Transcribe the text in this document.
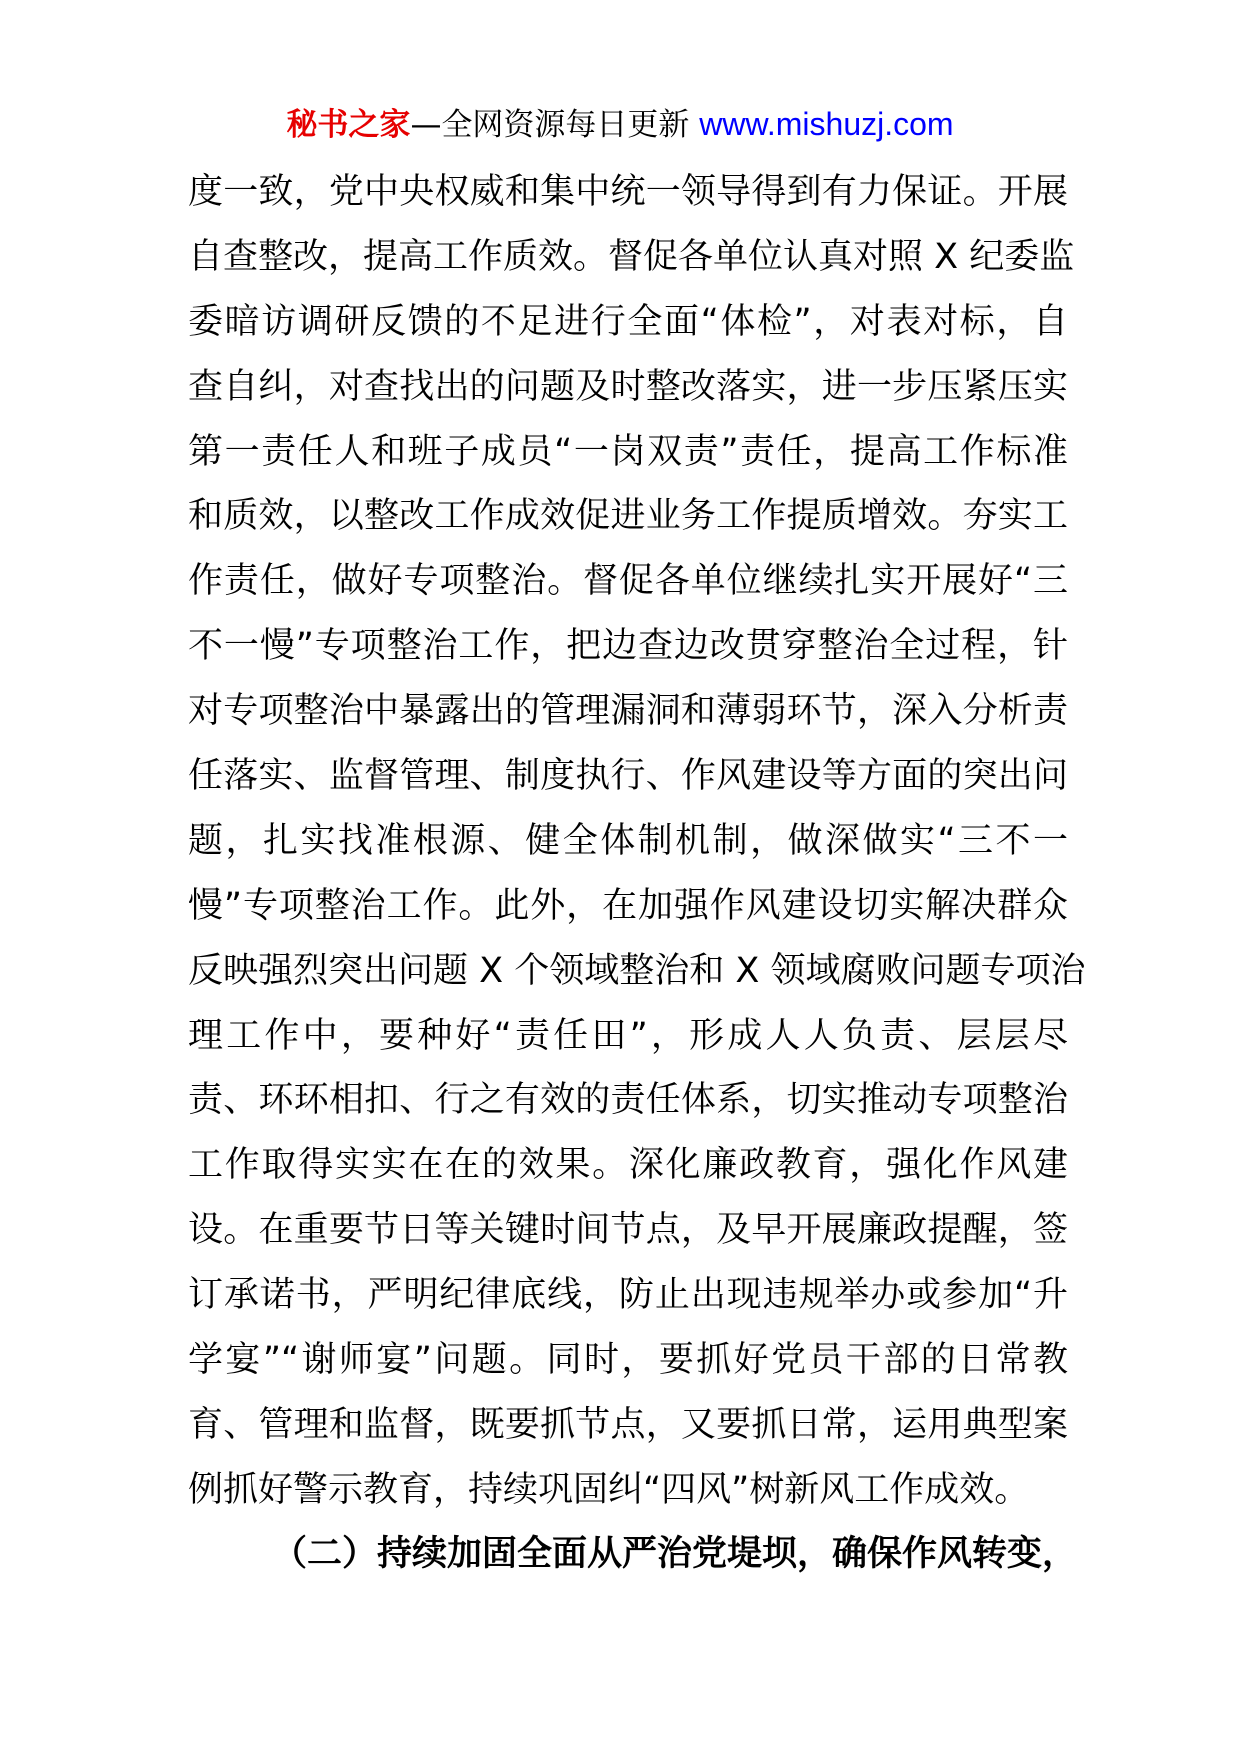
秘书之家—全网资源每日更新 www.mishuzj.com
度一致，党中央权威和集中统一领导得到有力保证。开展
自查整改，提高工作质效。督促各单位认真对照 X 纪委监
委暗访调研反馈的不足进行全面“体检”，对表对标，自
查自纠，对查找出的问题及时整改落实，进一步压紧压实
第一责任人和班子成员“一岗双责”责任，提高工作标准
和质效，以整改工作成效促进业务工作提质增效。夯实工
作责任，做好专项整治。督促各单位继续扎实开展好“三
不一慢”专项整治工作，把边查边改贯穿整治全过程，针
对专项整治中暴露出的管理漏洞和薄弱环节，深入分析责
任落实、监督管理、制度执行、作风建设等方面的突出问
题，扎实找准根源、健全体制机制，做深做实“三不一
慢”专项整治工作。此外，在加强作风建设切实解决群众
反映强烈突出问题 X 个领域整治和 X 领域腐败问题专项治
理工作中，要种好“责任田”，形成人人负责、层层尽
责、环环相扣、行之有效的责任体系，切实推动专项整治
工作取得实实在在的效果。深化廉政教育，强化作风建
设。在重要节日等关键时间节点，及早开展廉政提醒，签
订承诺书，严明纪律底线，防止出现违规举办或参加“升
学宴”“谢师宴”问题。同时，要抓好党员干部的日常教
育、管理和监督，既要抓节点，又要抓日常，运用典型案
例抓好警示教育，持续巩固纠“四风”树新风工作成效。
（二）持续加固全面从严治党堤坝，确保作风转变，
